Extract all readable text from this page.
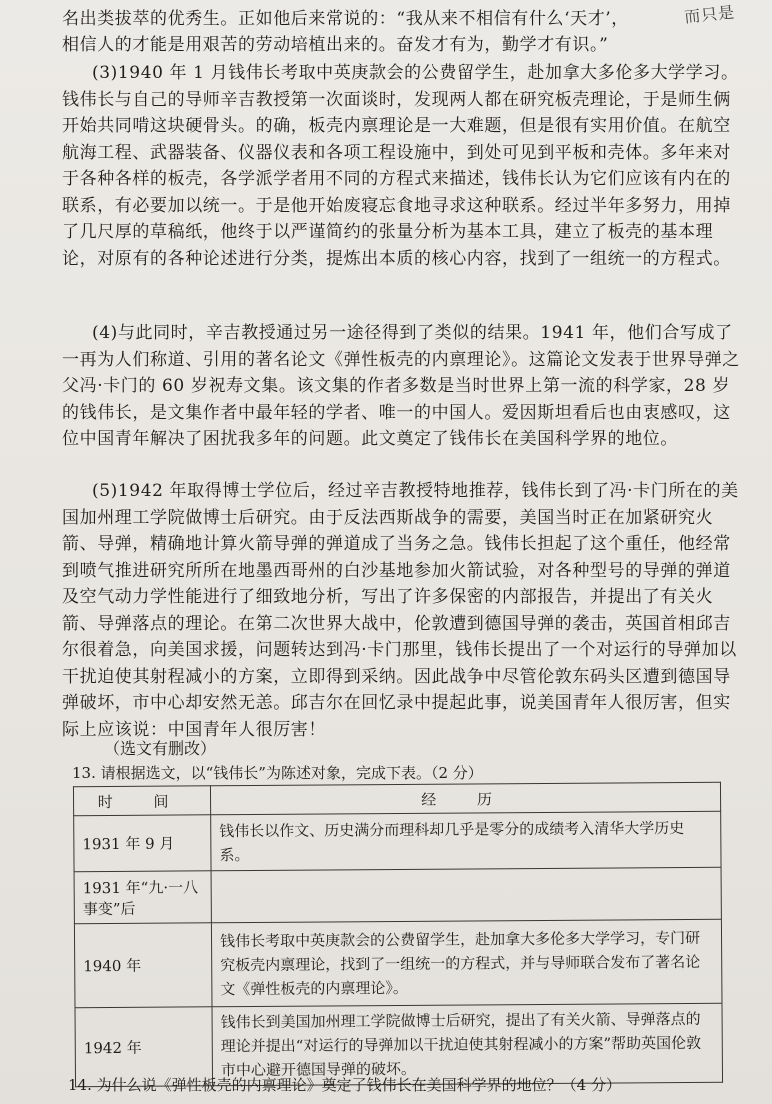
而只是

名出类拔萃的优秀生。正如他后来常说的：“我从来不相信有什么‘天才’，

相信人的才能是用艰苦的劳动培植出来的。奋发才有为，勤学才有识。”

(3)1940 年 1 月钱伟长考取中英庚款会的公费留学生，赴加拿大多伦多大学学习。钱伟长与自己的导师辛吉教授第一次面谈时，发现两人都在研究板壳理论，于是师生俩开始共同啃这块硬骨头。的确，板壳内禀理论是一大难题，但是很有实用价值。在航空航海工程、武器装备、仪器仪表和各项工程设施中，到处可见到平板和壳体。多年来对于各种各样的板壳，各学派学者用不同的方程式来描述，钱伟长认为它们应该有内在的联系，有必要加以统一。于是他开始废寝忘食地寻求这种联系。经过半年多努力，用掉了几尺厚的草稿纸，他终于以严谨简约的张量分析为基本工具，建立了板壳的基本理论，对原有的各种论述进行分类，提炼出本质的核心内容，找到了一组统一的方程式。

(4)与此同时，辛吉教授通过另一途径得到了类似的结果。1941 年，他们合写成了一再为人们称道、引用的著名论文《弹性板壳的内禀理论》。这篇论文发表于世界导弹之父冯·卡门的 60 岁祝寿文集。该文集的作者多数是当时世界上第一流的科学家，28 岁的钱伟长，是文集作者中最年轻的学者、唯一的中国人。爱因斯坦看后也由衷感叹，这位中国青年解决了困扰我多年的问题。此文奠定了钱伟长在美国科学界的地位。

(5)1942 年取得博士学位后，经过辛吉教授特地推荐，钱伟长到了冯·卡门所在的美国加州理工学院做博士后研究。由于反法西斯战争的需要，美国当时正在加紧研究火箭、导弹，精确地计算火箭导弹的弹道成了当务之急。钱伟长担起了这个重任，他经常到喷气推进研究所所在地墨西哥州的白沙基地参加火箭试验，对各种型号的导弹的弹道及空气动力学性能进行了细致地分析，写出了许多保密的内部报告，并提出了有关火箭、导弹落点的理论。在第二次世界大战中，伦敦遭到德国导弹的袭击，英国首相邱吉尔很着急，向美国求援，问题转达到冯·卡门那里，钱伟长提出了一个对运行的导弹加以干扰迫使其射程减小的方案，立即得到采纳。因此战争中尽管伦敦东码头区遭到德国导弹破坏，市中心却安然无恙。邱吉尔在回忆录中提起此事，说美国青年人很厉害，但实际上应该说：中国青年人很厉害！

（选文有删改）
13. 请根据选文，以“钱伟长”为陈述对象，完成下表。（2 分）
时 间	经 历
1931 年 9 月	钱伟长以作文、历史满分而理科却几乎是零分的成绩考入清华大学历史系。
1931 年“九·一八事变”后	
1940 年	钱伟长考取中英庚款会的公费留学生，赴加拿大多伦多大学学习，专门研究板壳内禀理论，找到了一组统一的方程式，并与导师联合发布了著名论文《弹性板壳的内禀理论》。
1942 年	钱伟长到美国加州理工学院做博士后研究，提出了有关火箭、导弹落点的理论并提出“对运行的导弹加以干扰迫使其射程减小的方案”帮助英国伦敦市中心避开德国导弹的破坏。
14. 为什么说《弹性板壳的内禀理论》奠定了钱伟长在美国科学界的地位？（4 分）
